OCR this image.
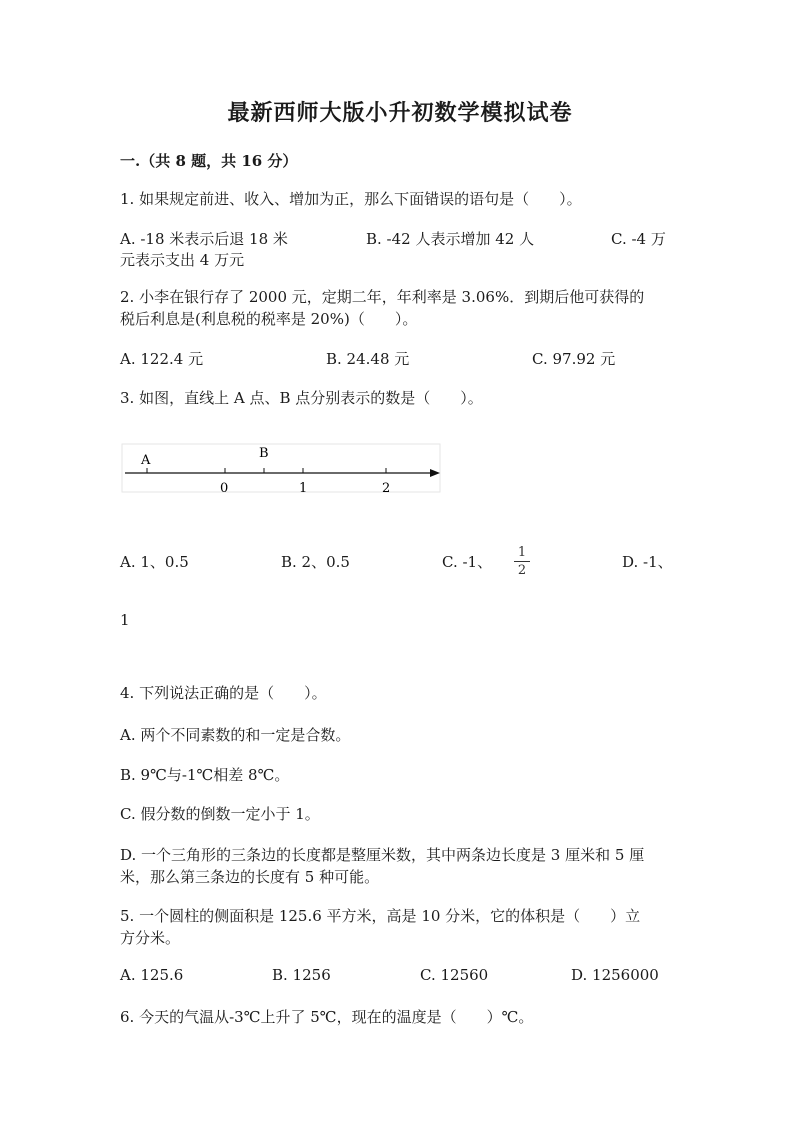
最新西师大版小升初数学模拟试卷
一.（共 8 题，共 16 分）
1. 如果规定前进、收入、增加为正，那么下面错误的语句是（　　）。
A. -18 米表示后退 18 米	B. -42 人表示增加 42 人	C. -4 万
元表示支出 4 万元
2. 小李在银行存了 2000 元，定期二年，年利率是 3.06%．到期后他可获得的
税后利息是(利息税的税率是 20%)（　　）。
A. 122.4 元	B. 24.48 元	C. 97.92 元
3. 如图，直线上 A 点、B 点分别表示的数是（　　）。
A	B
0	1	2
A. 1、0.5	B. 2、0.5	C. -1、
1
2	D. -1、
1
4. 下列说法正确的是（　　）。
A. 两个不同素数的和一定是合数。
B. 9℃与-1℃相差 8℃。
C. 假分数的倒数一定小于 1。
D. 一个三角形的三条边的长度都是整厘米数，其中两条边长度是 3 厘米和 5 厘
米，那么第三条边的长度有 5 种可能。
5. 一个圆柱的侧面积是 125.6 平方米，高是 10 分米，它的体积是（　　）立
方分米。
A. 125.6	B. 1256	C. 12560	D. 1256000
6. 今天的气温从-3℃上升了 5℃，现在的温度是（　　）℃。
